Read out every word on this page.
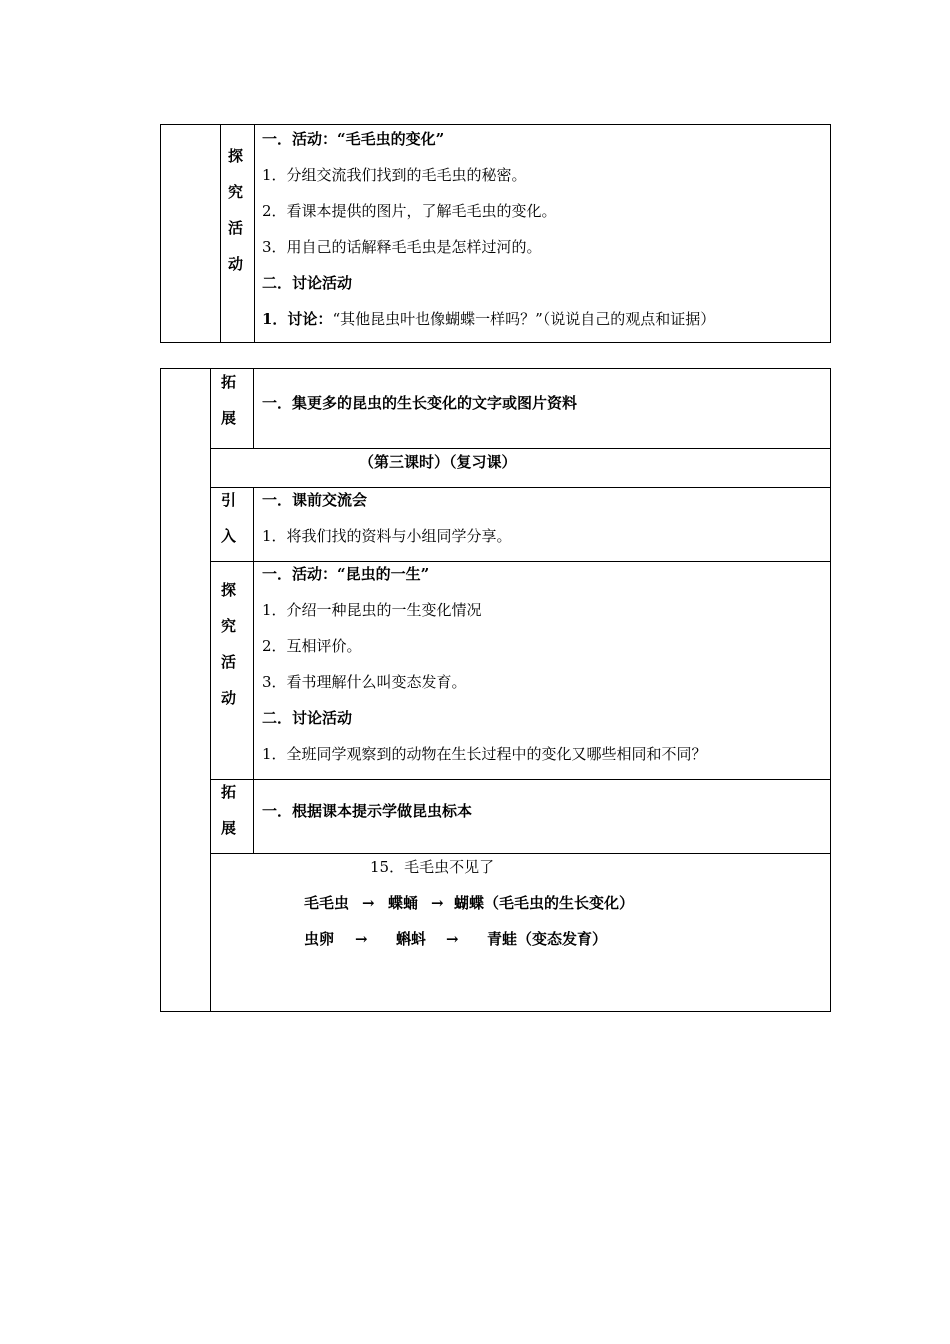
探
究
活
动
一．活动：“毛毛虫的变化”
1．分组交流我们找到的毛毛虫的秘密。
2．看课本提供的图片，了解毛毛虫的变化。
3．用自己的话解释毛毛虫是怎样过河的。
二．讨论活动
1．讨论：“其他昆虫叶也像蝴蝶一样吗？”（说说自己的观点和证据）
拓
展
一．集更多的昆虫的生长变化的文字或图片资料
（第三课时）（复习课）
引
入
一．课前交流会
1．将我们找的资料与小组同学分享。
探
究
活
动
一．活动：“昆虫的一生”
1．介绍一种昆虫的一生变化情况
2．互相评价。
3．看书理解什么叫变态发育。
二．讨论活动
1．全班同学观察到的动物在生长过程中的变化又哪些相同和不同？
拓
展
一．根据课本提示学做昆虫标本
15．毛毛虫不见了
毛毛虫 → 蝶蛹 → 蝴蝶（毛毛虫的生长变化）
虫卵 → 蝌蚪 → 青蛙（变态发育）
